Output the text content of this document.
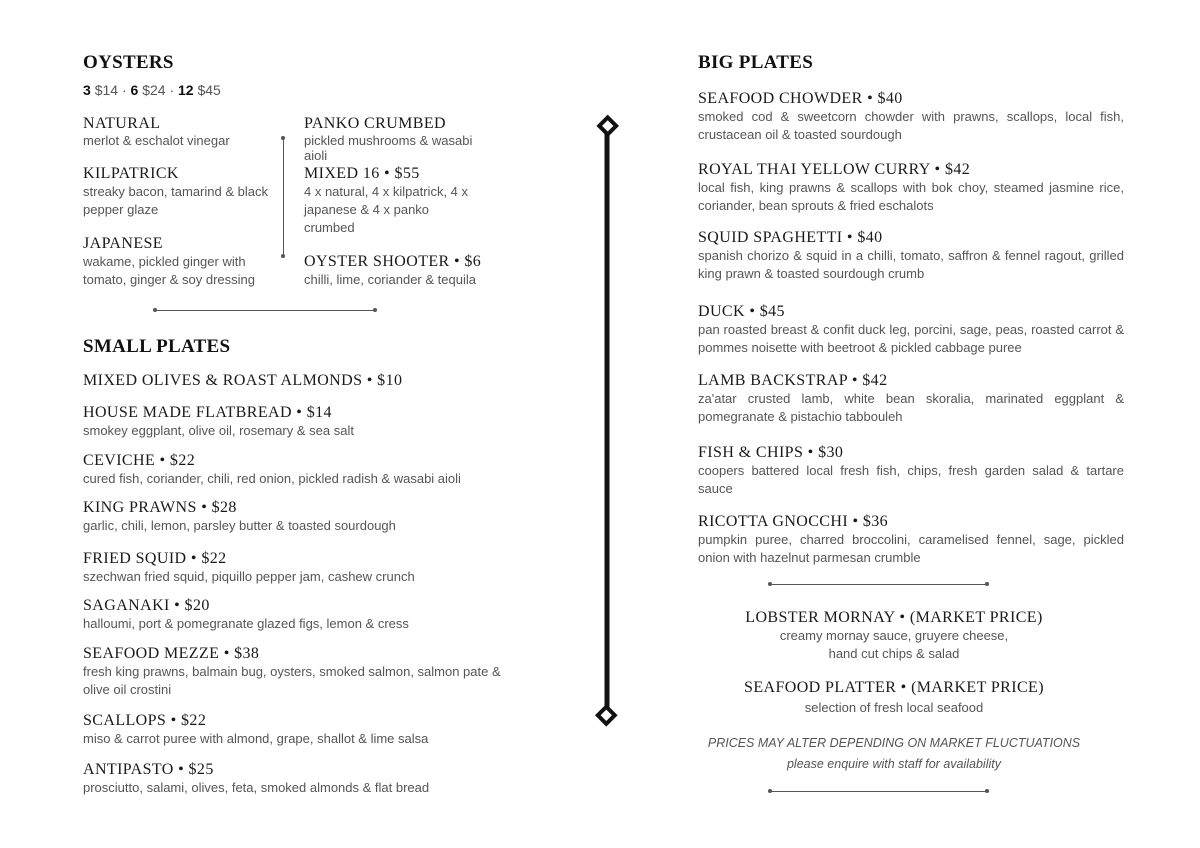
OYSTERS
3 $14 · 6 $24 · 12 $45
NATURAL
merlot & eschalot vinegar
KILPATRICK
streaky bacon, tamarind & black pepper glaze
JAPANESE
wakame, pickled ginger with tomato, ginger & soy dressing
PANKO CRUMBED
pickled mushrooms & wasabi aioli
MIXED 16 • $55
4 x natural, 4 x kilpatrick, 4 x japanese & 4 x panko crumbed
OYSTER SHOOTER • $6
chilli, lime, coriander & tequila
SMALL PLATES
MIXED OLIVES & ROAST ALMONDS • $10
HOUSE MADE FLATBREAD • $14
smokey eggplant, olive oil, rosemary & sea salt
CEVICHE • $22
cured fish, coriander, chili, red onion, pickled radish & wasabi aioli
KING PRAWNS • $28
garlic, chili, lemon, parsley butter & toasted sourdough
FRIED SQUID • $22
szechwan fried squid, piquillo pepper jam, cashew crunch
SAGANAKI • $20
halloumi, port & pomegranate glazed figs, lemon & cress
SEAFOOD MEZZE • $38
fresh king prawns, balmain bug, oysters, smoked salmon, salmon pate & olive oil crostini
SCALLOPS • $22
miso & carrot puree with almond, grape, shallot & lime salsa
ANTIPASTO • $25
prosciutto, salami, olives, feta, smoked almonds & flat bread
BIG PLATES
SEAFOOD CHOWDER • $40
smoked cod & sweetcorn chowder with prawns, scallops, local fish, crustacean oil & toasted sourdough
ROYAL THAI YELLOW CURRY • $42
local fish, king prawns & scallops with bok choy, steamed jasmine rice, coriander, bean sprouts & fried eschalots
SQUID SPAGHETTI • $40
spanish chorizo & squid in a chilli, tomato, saffron & fennel ragout, grilled king prawn & toasted sourdough crumb
DUCK • $45
pan roasted breast & confit duck leg, porcini, sage, peas, roasted carrot & pommes noisette with beetroot & pickled cabbage puree
LAMB BACKSTRAP • $42
za'atar crusted lamb, white bean skoralia, marinated eggplant & pomegranate & pistachio tabbouleh
FISH & CHIPS • $30
coopers battered local fresh fish, chips, fresh garden salad & tartare sauce
RICOTTA GNOCCHI • $36
pumpkin puree, charred broccolini, caramelised fennel, sage, pickled onion with hazelnut parmesan crumble
LOBSTER MORNAY • (MARKET PRICE)
creamy mornay sauce, gruyere cheese,
hand cut chips & salad
SEAFOOD PLATTER • (MARKET PRICE)
selection of fresh local seafood
PRICES MAY ALTER DEPENDING ON MARKET FLUCTUATIONS
please enquire with staff for availability
